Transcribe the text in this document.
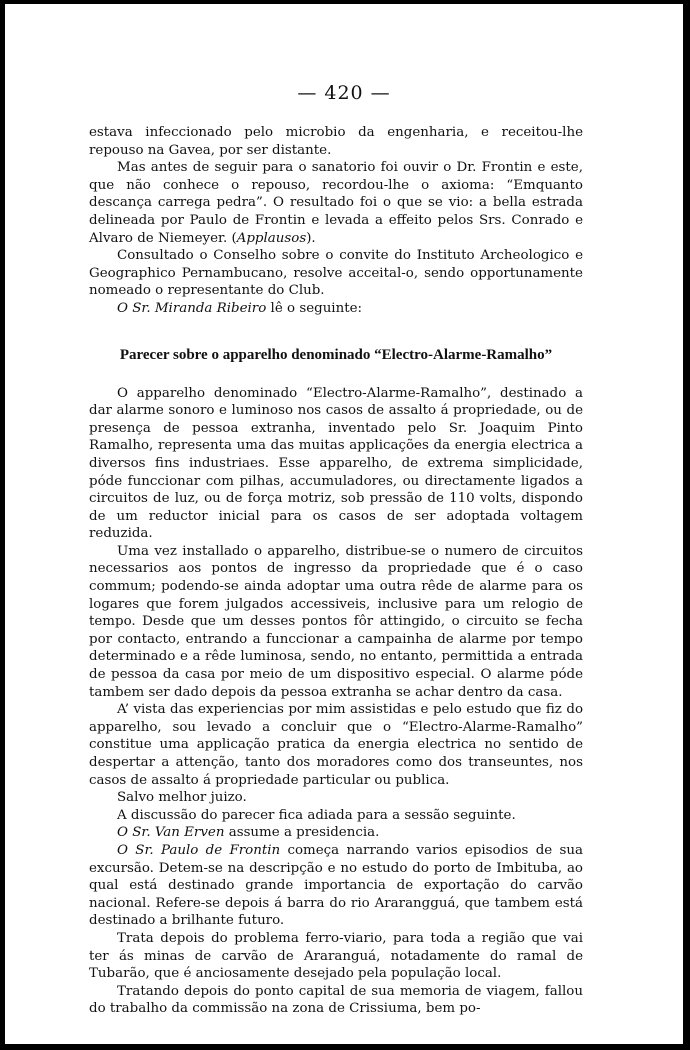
— 420 —

estava infeccionado pelo microbio da engenharia, e receitou-lhe repouso na Gavea, por ser distante.

Mas antes de seguir para o sanatorio foi ouvir o Dr. Frontin e este, que não conhece o repouso, recordou-lhe o axioma: “Emquanto descança carrega pedra”. O resultado foi o que se vio: a bella estrada delineada por Paulo de Frontin e levada a effeito pelos Srs. Conrado e Alvaro de Niemeyer. (Applausos).

Consultado o Conselho sobre o convite do Instituto Archeologico e Geographico Pernambucano, resolve acceital-o, sendo opportunamente nomeado o representante do Club.

O Sr. Miranda Ribeiro lê o seguinte:

Parecer sobre o apparelho denominado “Electro-Alarme-Ramalho”

O apparelho denominado “Electro-Alarme-Ramalho”, destinado a dar alarme sonoro e luminoso nos casos de assalto á propriedade, ou de presença de pessoa extranha, inventado pelo Sr. Joaquim Pinto Ramalho, representa uma das muitas applicações da energia electrica a diversos fins industriaes. Esse apparelho, de extrema simplicidade, póde funccionar com pilhas, accumuladores, ou directamente ligados a circuitos de luz, ou de força motriz, sob pressão de 110 volts, dispondo de um reductor inicial para os casos de ser adoptada voltagem reduzida.

Uma vez installado o apparelho, distribue-se o numero de circuitos necessarios aos pontos de ingresso da propriedade que é o caso commum; podendo-se ainda adoptar uma outra rêde de alarme para os logares que forem julgados accessiveis, inclusive para um relogio de tempo. Desde que um desses pontos fôr attingido, o circuito se fecha por contacto, entrando a funccionar a campainha de alarme por tempo determinado e a rêde luminosa, sendo, no entanto, permittida a entrada de pessoa da casa por meio de um dispositivo especial. O alarme póde tambem ser dado depois da pessoa extranha se achar dentro da casa.

A’ vista das experiencias por mim assistidas e pelo estudo que fiz do apparelho, sou levado a concluir que o “Electro-Alarme-Ramalho” constitue uma applicação pratica da energia electrica no sentido de despertar a attenção, tanto dos moradores como dos transeuntes, nos casos de assalto á propriedade particular ou publica.

Salvo melhor juizo.

A discussão do parecer fica adiada para a sessão seguinte.

O Sr. Van Erven assume a presidencia.

O Sr. Paulo de Frontin começa narrando varios episodios de sua excursão. Detem-se na descripção e no estudo do porto de Imbituba, ao qual está destinado grande importancia de exportação do carvão nacional. Refere-se depois á barra do rio Ararangguá, que tambem está destinado a brilhante futuro.

Trata depois do problema ferro-viario, para toda a região que vai ter ás minas de carvão de Araranguá, notadamente do ramal de Tubarão, que é anciosamente desejado pela população local.

Tratando depois do ponto capital de sua memoria de viagem, fallou do trabalho da commissão na zona de Crissiuma, bem po-
